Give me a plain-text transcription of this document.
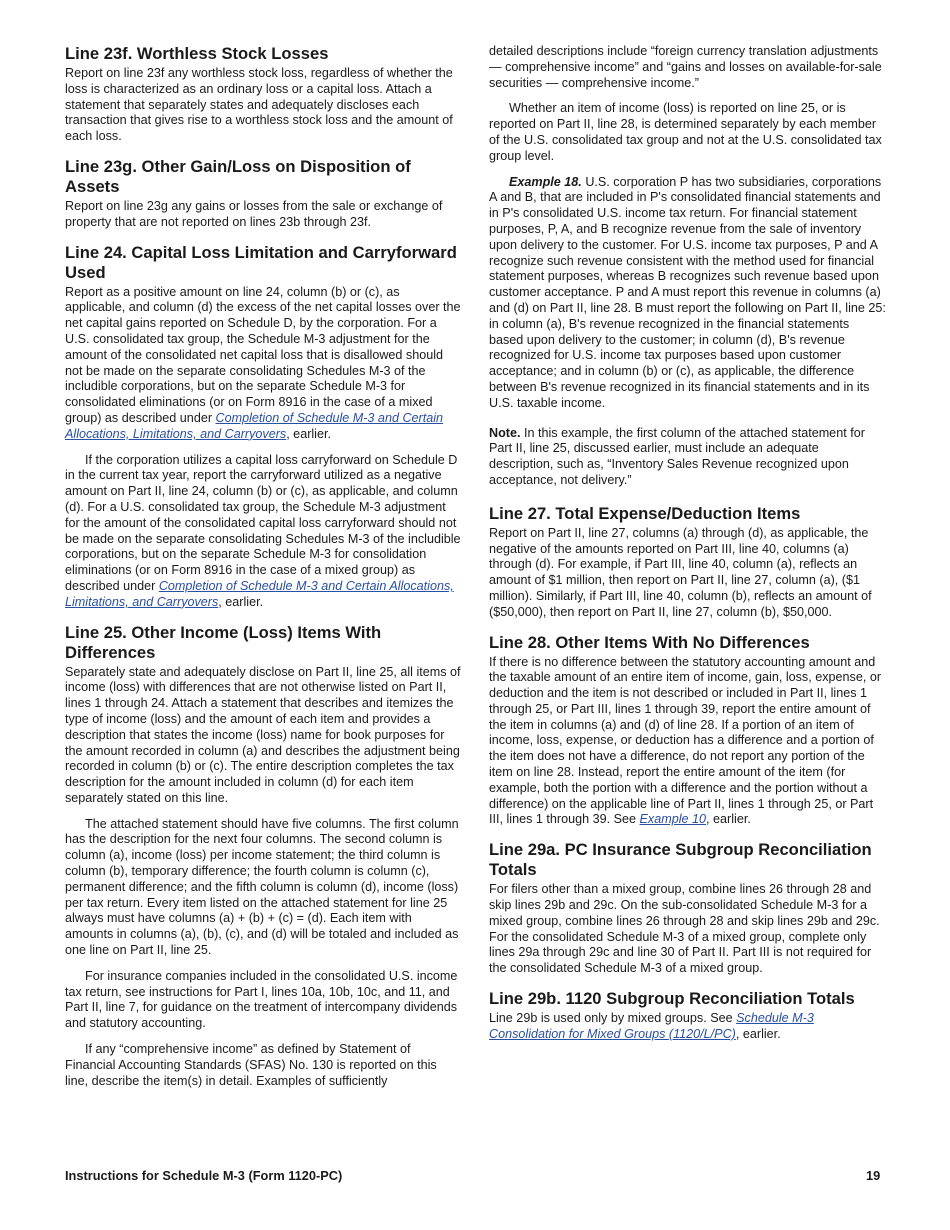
Line 23f. Worthless Stock Losses

Report on line 23f any worthless stock loss, regardless of whether the loss is characterized as an ordinary loss or a capital loss. Attach a statement that separately states and adequately discloses each transaction that gives rise to a worthless stock loss and the amount of each loss.

Line 23g. Other Gain/Loss on Disposition of Assets

Report on line 23g any gains or losses from the sale or exchange of property that are not reported on lines 23b through 23f.

Line 24. Capital Loss Limitation and Carryforward Used

Report as a positive amount on line 24, column (b) or (c), as applicable, and column (d) the excess of the net capital losses over the net capital gains reported on Schedule D, by the corporation. For a U.S. consolidated tax group, the Schedule M-3 adjustment for the amount of the consolidated net capital loss that is disallowed should not be made on the separate consolidating Schedules M-3 of the includible corporations, but on the separate Schedule M-3 for consolidated eliminations (or on Form 8916 in the case of a mixed group) as described under Completion of Schedule M-3 and Certain Allocations, Limitations, and Carryovers, earlier.

If the corporation utilizes a capital loss carryforward on Schedule D in the current tax year, report the carryforward utilized as a negative amount on Part II, line 24, column (b) or (c), as applicable, and column (d). For a U.S. consolidated tax group, the Schedule M-3 adjustment for the amount of the consolidated capital loss carryforward should not be made on the separate consolidating Schedules M-3 of the includible corporations, but on the separate Schedule M-3 for consolidation eliminations (or on Form 8916 in the case of a mixed group) as described under Completion of Schedule M-3 and Certain Allocations, Limitations, and Carryovers, earlier.

Line 25. Other Income (Loss) Items With Differences

Separately state and adequately disclose on Part II, line 25, all items of income (loss) with differences that are not otherwise listed on Part II, lines 1 through 24. Attach a statement that describes and itemizes the type of income (loss) and the amount of each item and provides a description that states the income (loss) name for book purposes for the amount recorded in column (a) and describes the adjustment being recorded in column (b) or (c). The entire description completes the tax description for the amount included in column (d) for each item separately stated on this line.

The attached statement should have five columns. The first column has the description for the next four columns. The second column is column (a), income (loss) per income statement; the third column is column (b), temporary difference; the fourth column is column (c), permanent difference; and the fifth column is column (d), income (loss) per tax return. Every item listed on the attached statement for line 25 always must have columns (a) + (b) + (c) = (d). Each item with amounts in columns (a), (b), (c), and (d) will be totaled and included as one line on Part II, line 25.

For insurance companies included in the consolidated U.S. income tax return, see instructions for Part I, lines 10a, 10b, 10c, and 11, and Part II, line 7, for guidance on the treatment of intercompany dividends and statutory accounting.

If any “comprehensive income” as defined by Statement of Financial Accounting Standards (SFAS) No. 130 is reported on this line, describe the item(s) in detail. Examples of sufficiently

detailed descriptions include “foreign currency translation adjustments — comprehensive income” and “gains and losses on available-for-sale securities — comprehensive income.”

Whether an item of income (loss) is reported on line 25, or is reported on Part II, line 28, is determined separately by each member of the U.S. consolidated tax group and not at the U.S. consolidated tax group level.

Example 18. U.S. corporation P has two subsidiaries, corporations A and B, that are included in P's consolidated financial statements and in P's consolidated U.S. income tax return. For financial statement purposes, P, A, and B recognize revenue from the sale of inventory upon delivery to the customer. For U.S. income tax purposes, P and A recognize such revenue consistent with the method used for financial statement purposes, whereas B recognizes such revenue based upon customer acceptance. P and A must report this revenue in columns (a) and (d) on Part II, line 28. B must report the following on Part II, line 25: in column (a), B's revenue recognized in the financial statements based upon delivery to the customer; in column (d), B's revenue recognized for U.S. income tax purposes based upon customer acceptance; and in column (b) or (c), as applicable, the difference between B's revenue recognized in its financial statements and in its U.S. taxable income.

Note. In this example, the first column of the attached statement for Part II, line 25, discussed earlier, must include an adequate description, such as, “Inventory Sales Revenue recognized upon acceptance, not delivery.”

Line 27. Total Expense/Deduction Items

Report on Part II, line 27, columns (a) through (d), as applicable, the negative of the amounts reported on Part III, line 40, columns (a) through (d). For example, if Part III, line 40, column (a), reflects an amount of $1 million, then report on Part II, line 27, column (a), ($1 million). Similarly, if Part III, line 40, column (b), reflects an amount of ($50,000), then report on Part II, line 27, column (b), $50,000.

Line 28. Other Items With No Differences

If there is no difference between the statutory accounting amount and the taxable amount of an entire item of income, gain, loss, expense, or deduction and the item is not described or included in Part II, lines 1 through 25, or Part III, lines 1 through 39, report the entire amount of the item in columns (a) and (d) of line 28. If a portion of an item of income, loss, expense, or deduction has a difference and a portion of the item does not have a difference, do not report any portion of the item on line 28. Instead, report the entire amount of the item (for example, both the portion with a difference and the portion without a difference) on the applicable line of Part II, lines 1 through 25, or Part III, lines 1 through 39. See Example 10, earlier.

Line 29a. PC Insurance Subgroup Reconciliation Totals

For filers other than a mixed group, combine lines 26 through 28 and skip lines 29b and 29c. On the sub-consolidated Schedule M-3 for a mixed group, combine lines 26 through 28 and skip lines 29b and 29c. For the consolidated Schedule M-3 of a mixed group, complete only lines 29a through 29c and line 30 of Part II. Part III is not required for the consolidated Schedule M-3 of a mixed group.

Line 29b. 1120 Subgroup Reconciliation Totals

Line 29b is used only by mixed groups. See Schedule M-3 Consolidation for Mixed Groups (1120/L/PC), earlier.

Instructions for Schedule M-3 (Form 1120-PC)	19
